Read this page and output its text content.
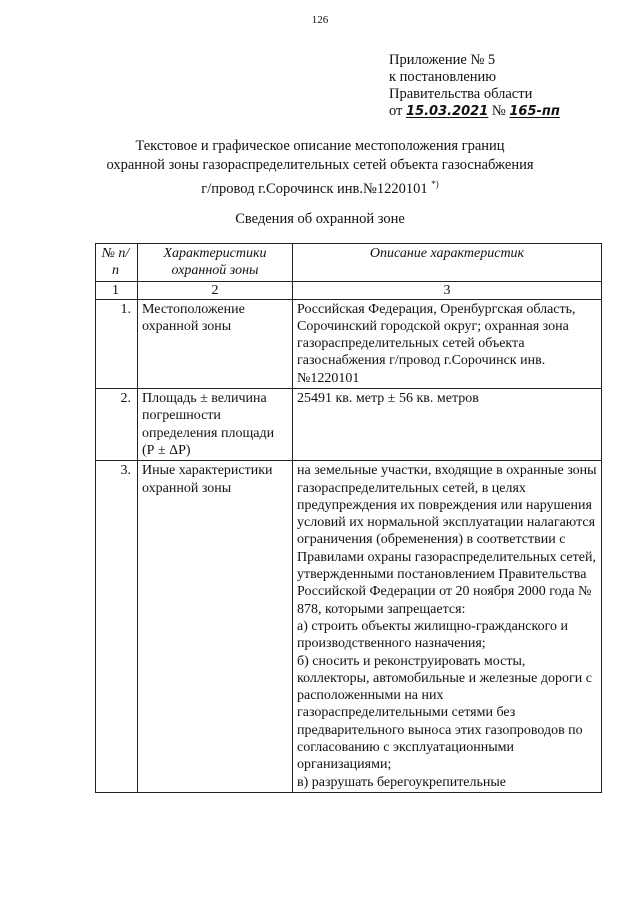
126
Приложение № 5
к постановлению
Правительства области
от 15.03.2021 № 165-пп
Текстовое и графическое описание местоположения границ
охранной зоны газораспределительных сетей объекта газоснабжения
г/провод г.Сорочинск инв.№1220101 *)
Сведения об охранной зоне
№ п/п	Характеристики охранной зоны	Описание характеристик
1	2	3
1.	Местоположение охранной зоны	Российская Федерация, Оренбургская область, Сорочинский городской округ; охранная зона газораспределительных сетей объекта газоснабжения г/провод г.Сорочинск инв.№1220101
2.	Площадь ± величина погрешности определения площади (Р ± ΔР)	25491 кв. метр ± 56 кв. метров
3.	Иные характеристики охранной зоны	на земельные участки, входящие в охранные зоны газораспределительных сетей, в целях предупреждения их повреждения или нарушения условий их нормальной эксплуатации налагаются ограничения (обременения) в соответствии с Правилами охраны газораспределительных сетей, утвержденными постановлением Правительства Российской Федерации от 20 ноября 2000 года № 878, которыми запрещается:
а) строить объекты жилищно-гражданского и производственного назначения;
б) сносить и реконструировать мосты, коллекторы, автомобильные и железные дороги с расположенными на них газораспределительными сетями без предварительного выноса этих газопроводов по согласованию с эксплуатационными организациями;
в) разрушать берегоукрепительные
